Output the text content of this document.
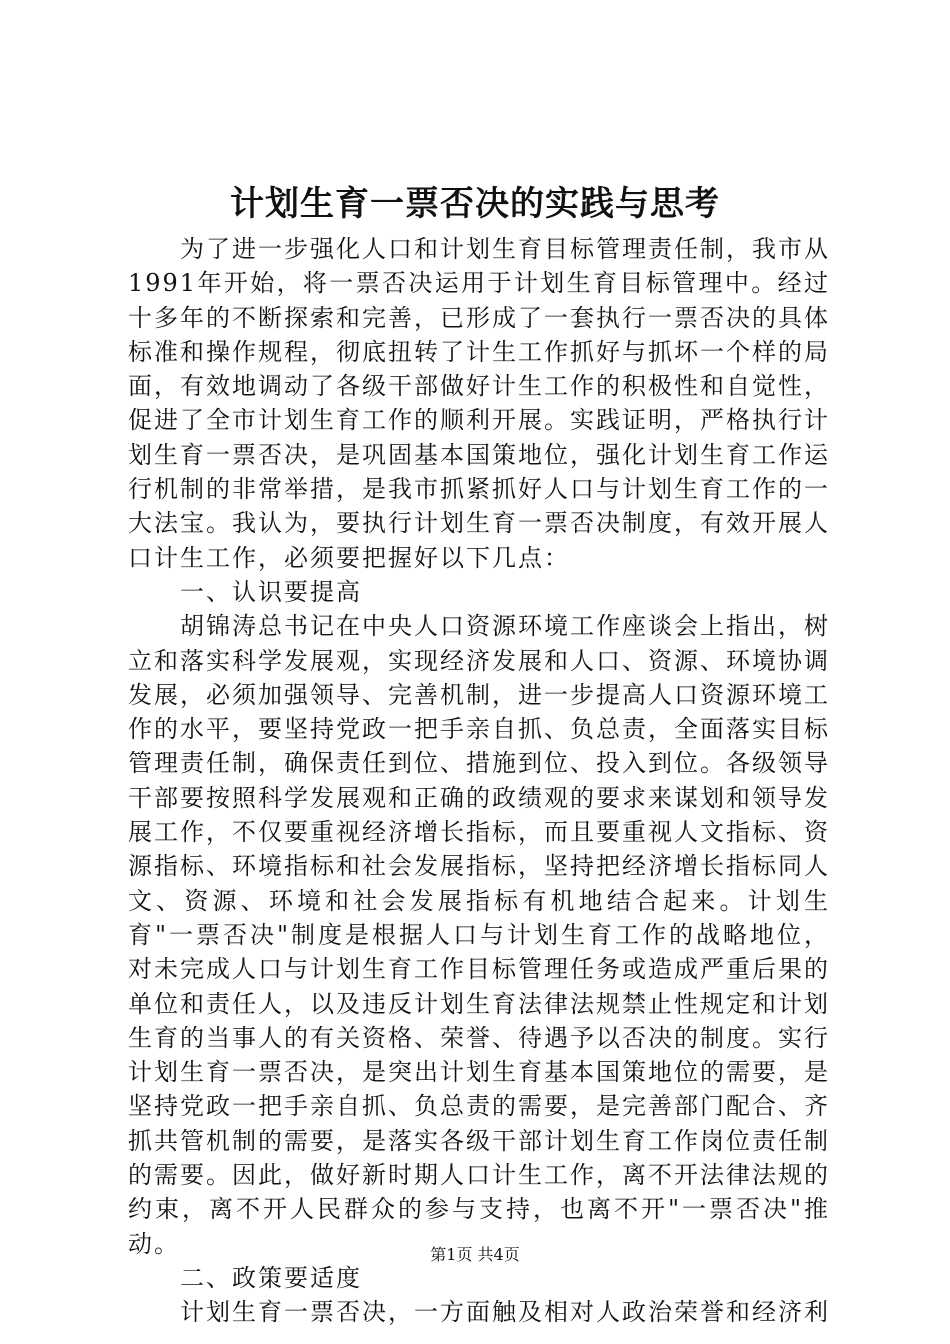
计划生育一票否决的实践与思考

为了进一步强化人口和计划生育目标管理责任制，我市从1991年开始，将一票否决运用于计划生育目标管理中。经过十多年的不断探索和完善，已形成了一套执行一票否决的具体标准和操作规程，彻底扭转了计生工作抓好与抓坏一个样的局面，有效地调动了各级干部做好计生工作的积极性和自觉性，促进了全市计划生育工作的顺利开展。实践证明，严格执行计划生育一票否决，是巩固基本国策地位，强化计划生育工作运行机制的非常举措，是我市抓紧抓好人口与计划生育工作的一大法宝。我认为，要执行计划生育一票否决制度，有效开展人口计生工作，必须要把握好以下几点：

一、认识要提高

胡锦涛总书记在中央人口资源环境工作座谈会上指出，树立和落实科学发展观，实现经济发展和人口、资源、环境协调发展，必须加强领导、完善机制，进一步提高人口资源环境工作的水平，要坚持党政一把手亲自抓、负总责，全面落实目标管理责任制，确保责任到位、措施到位、投入到位。各级领导干部要按照科学发展观和正确的政绩观的要求来谋划和领导发展工作，不仅要重视经济增长指标，而且要重视人文指标、资源指标、环境指标和社会发展指标，坚持把经济增长指标同人文、资源、环境和社会发展指标有机地结合起来。计划生育"一票否决"制度是根据人口与计划生育工作的战略地位，对未完成人口与计划生育工作目标管理任务或造成严重后果的单位和责任人，以及违反计划生育法律法规禁止性规定和计划生育的当事人的有关资格、荣誉、待遇予以否决的制度。实行计划生育一票否决，是突出计划生育基本国策地位的需要，是坚持党政一把手亲自抓、负总责的需要，是完善部门配合、齐抓共管机制的需要，是落实各级干部计划生育工作岗位责任制的需要。因此，做好新时期人口计生工作，离不开法律法规的约束，离不开人民群众的参与支持，也离不开"一票否决"推动。

二、政策要适度

计划生育一票否决，一方面触及相对人政治荣誉和经济利

第1页 共4页
